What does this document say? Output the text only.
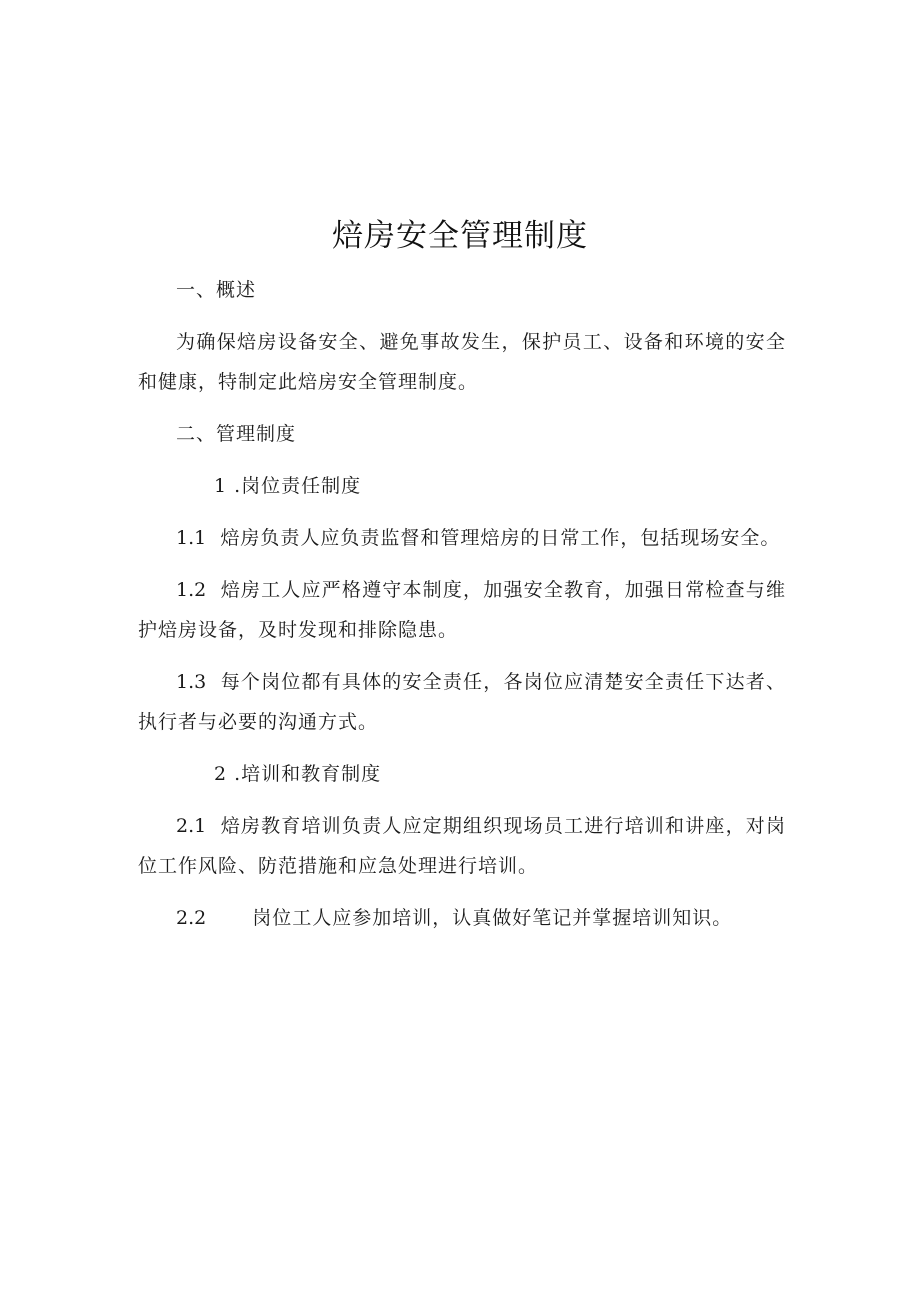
焙房安全管理制度

一、概述

为确保焙房设备安全、避免事故发生，保护员工、设备和环境的安全和健康，特制定此焙房安全管理制度。

二、管理制度

1 .岗位责任制度

1.1 焙房负责人应负责监督和管理焙房的日常工作，包括现场安全。

1.2 焙房工人应严格遵守本制度，加强安全教育，加强日常检查与维护焙房设备，及时发现和排除隐患。

1.3 每个岗位都有具体的安全责任，各岗位应清楚安全责任下达者、执行者与必要的沟通方式。

2 .培训和教育制度

2.1 焙房教育培训负责人应定期组织现场员工进行培训和讲座，对岗位工作风险、防范措施和应急处理进行培训。

2.2 岗位工人应参加培训，认真做好笔记并掌握培训知识。
